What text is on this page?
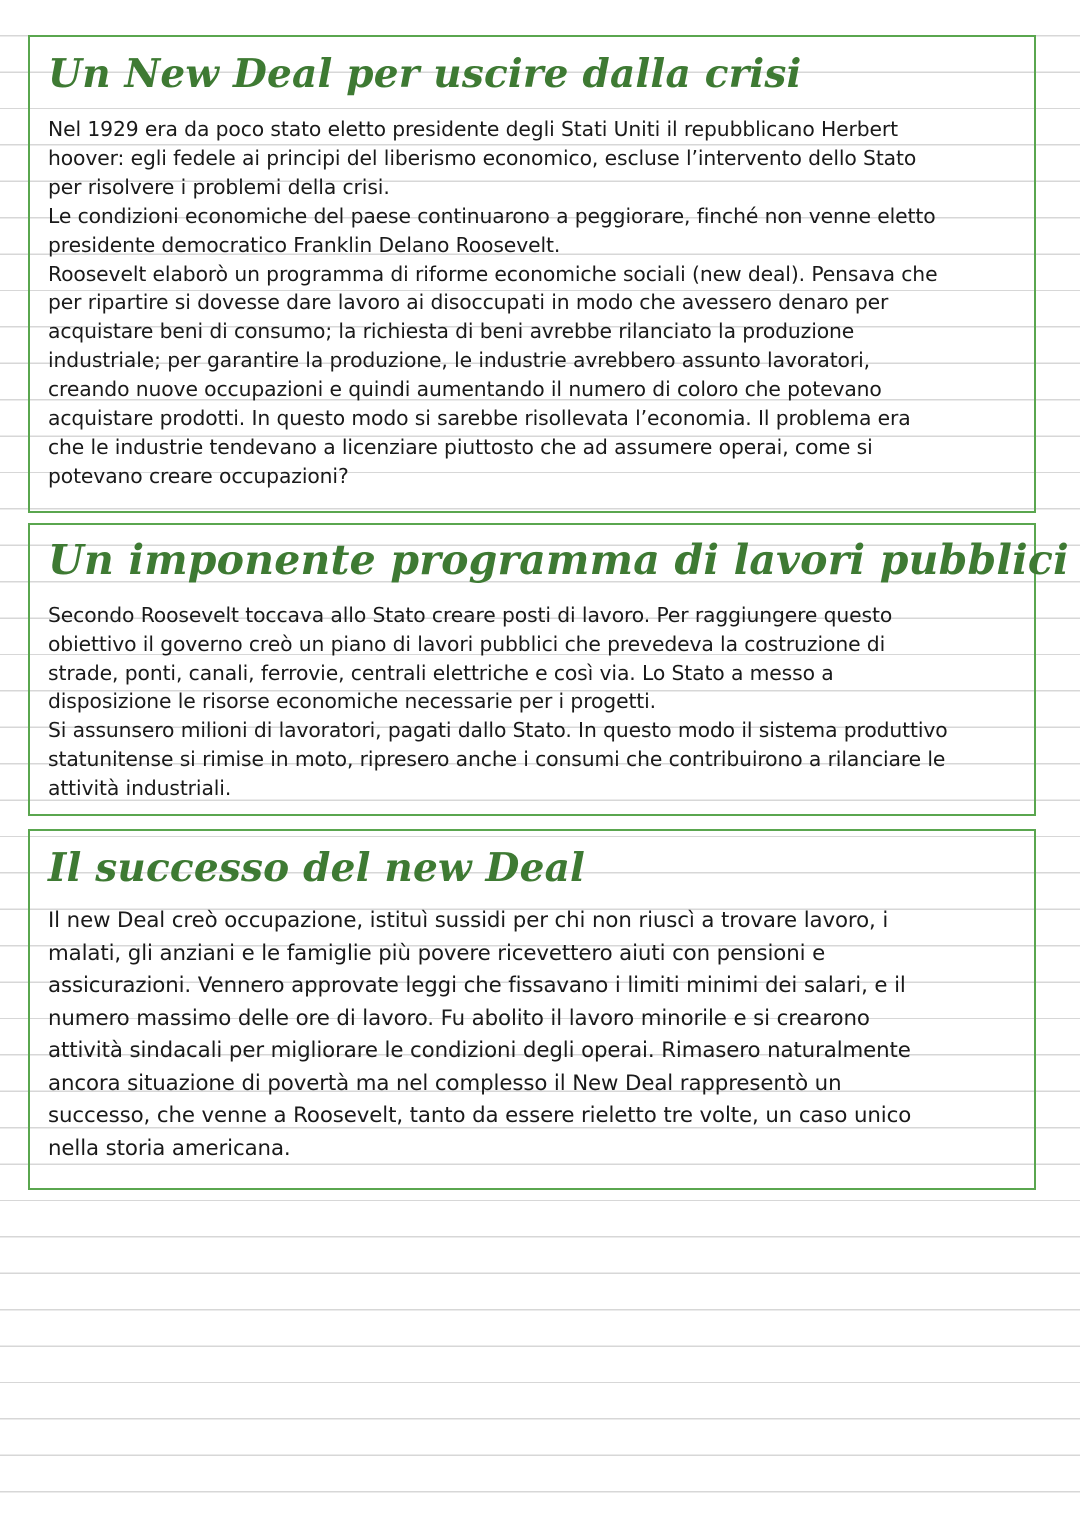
Un New Deal per uscire dalla crisi

Nel 1929 era da poco stato eletto presidente degli Stati Uniti il repubblicano Herbert
hoover: egli fedele ai principi del liberismo economico, escluse l’intervento dello Stato
per risolvere i problemi della crisi.
Le condizioni economiche del paese continuarono a peggiorare, finché non venne eletto
presidente democratico Franklin Delano Roosevelt.
Roosevelt elaborò un programma di riforme economiche sociali (new deal). Pensava che
per ripartire si dovesse dare lavoro ai disoccupati in modo che avessero denaro per
acquistare beni di consumo; la richiesta di beni avrebbe rilanciato la produzione
industriale; per garantire la produzione, le industrie avrebbero assunto lavoratori,
creando nuove occupazioni e quindi aumentando il numero di coloro che potevano
acquistare prodotti. In questo modo si sarebbe risollevata l’economia. Il problema era
che le industrie tendevano a licenziare piuttosto che ad assumere operai, come si
potevano creare occupazioni?

Un imponente programma di lavori pubblici

Secondo Roosevelt toccava allo Stato creare posti di lavoro. Per raggiungere questo
obiettivo il governo creò un piano di lavori pubblici che prevedeva la costruzione di
strade, ponti, canali, ferrovie, centrali elettriche e così via. Lo Stato a messo a
disposizione le risorse economiche necessarie per i progetti.
Si assunsero milioni di lavoratori, pagati dallo Stato. In questo modo il sistema produttivo
statunitense si rimise in moto, ripresero anche i consumi che contribuirono a rilanciare le
attività industriali.

Il successo del new Deal

Il new Deal creò occupazione, istituì sussidi per chi non riuscì a trovare lavoro, i
malati, gli anziani e le famiglie più povere ricevettero aiuti con pensioni e
assicurazioni. Vennero approvate leggi che fissavano i limiti minimi dei salari, e il
numero massimo delle ore di lavoro. Fu abolito il lavoro minorile e si crearono
attività sindacali per migliorare le condizioni degli operai. Rimasero naturalmente
ancora situazione di povertà ma nel complesso il New Deal rappresentò un
successo, che venne a Roosevelt, tanto da essere rieletto tre volte, un caso unico
nella storia americana.
